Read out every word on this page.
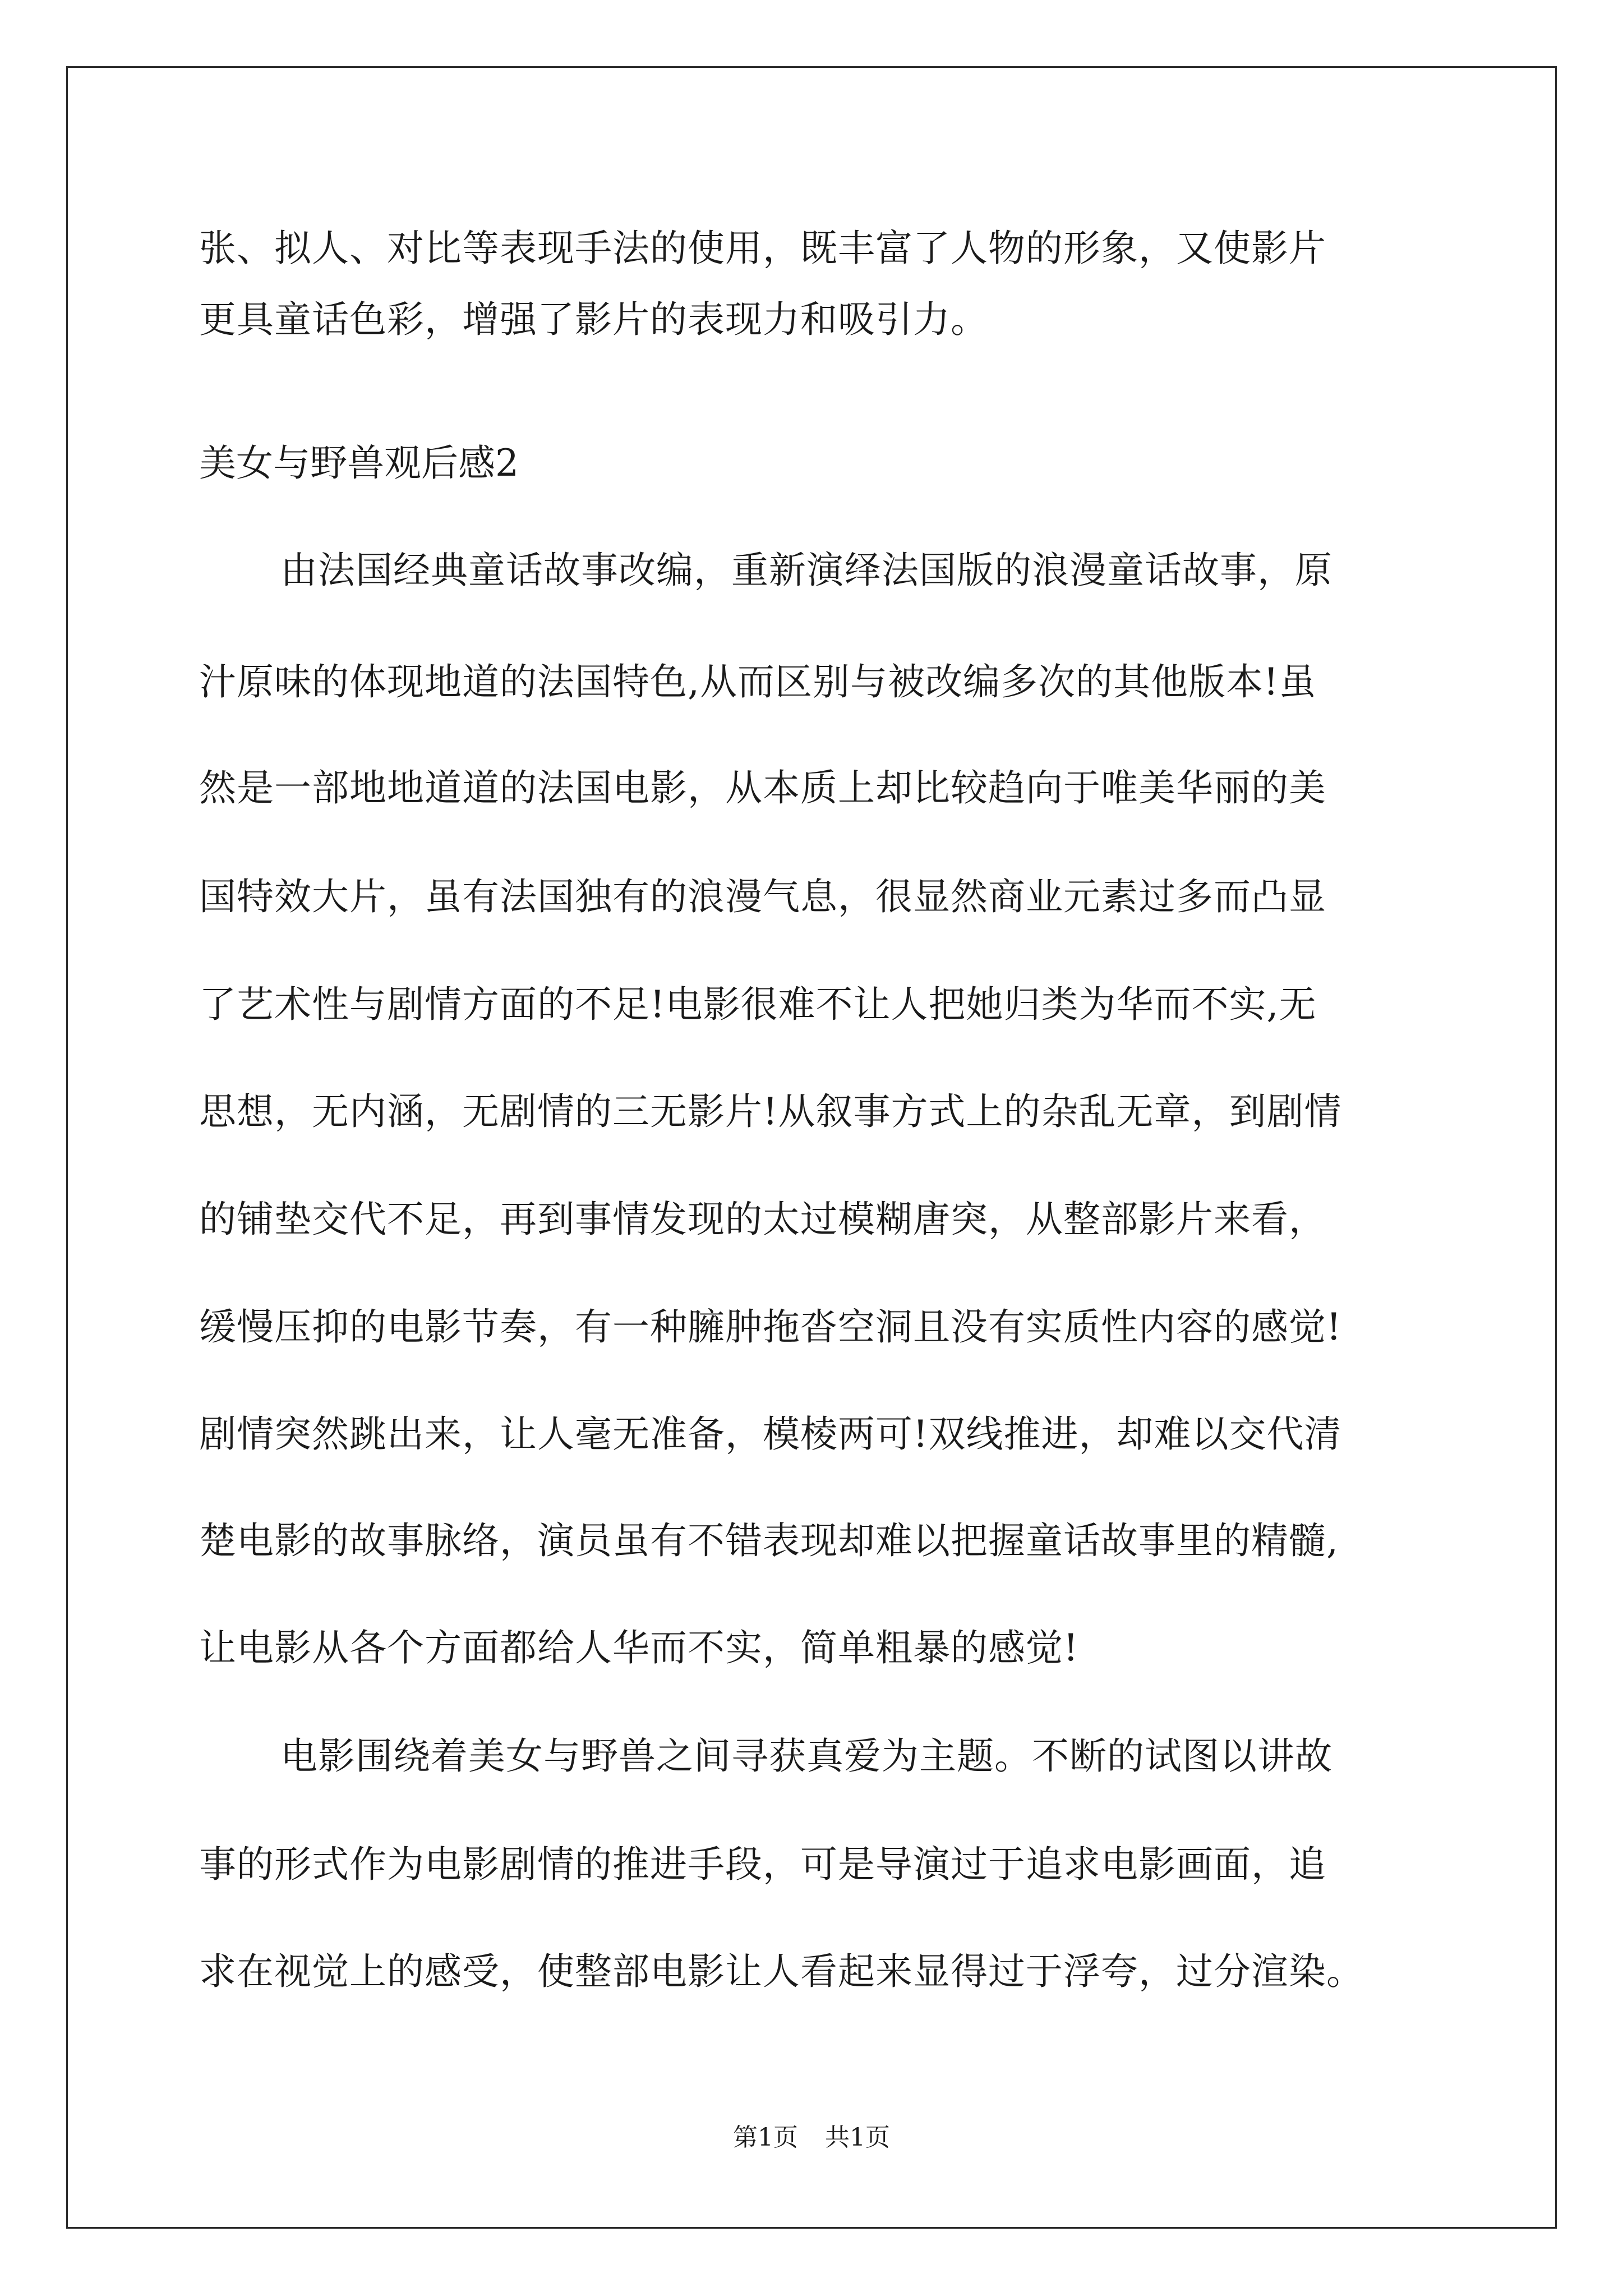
张、拟人、对比等表现手法的使用，既丰富了人物的形象，又使影片
更具童话色彩，增强了影片的表现力和吸引力。
美女与野兽观后感2
由法国经典童话故事改编，重新演绎法国版的浪漫童话故事，原
汁原味的体现地道的法国特色,从而区别与被改编多次的其他版本!虽
然是一部地地道道的法国电影，从本质上却比较趋向于唯美华丽的美
国特效大片，虽有法国独有的浪漫气息，很显然商业元素过多而凸显
了艺术性与剧情方面的不足!电影很难不让人把她归类为华而不实,无
思想，无内涵，无剧情的三无影片!从叙事方式上的杂乱无章，到剧情
的铺垫交代不足，再到事情发现的太过模糊唐突，从整部影片来看，
缓慢压抑的电影节奏，有一种臃肿拖沓空洞且没有实质性内容的感觉!
剧情突然跳出来，让人毫无准备，模棱两可!双线推进，却难以交代清
楚电影的故事脉络，演员虽有不错表现却难以把握童话故事里的精髓,
让电影从各个方面都给人华而不实，简单粗暴的感觉!
电影围绕着美女与野兽之间寻获真爱为主题。不断的试图以讲故
事的形式作为电影剧情的推进手段，可是导演过于追求电影画面，追
求在视觉上的感受，使整部电影让人看起来显得过于浮夸，过分渲染。
第1页 共1页
